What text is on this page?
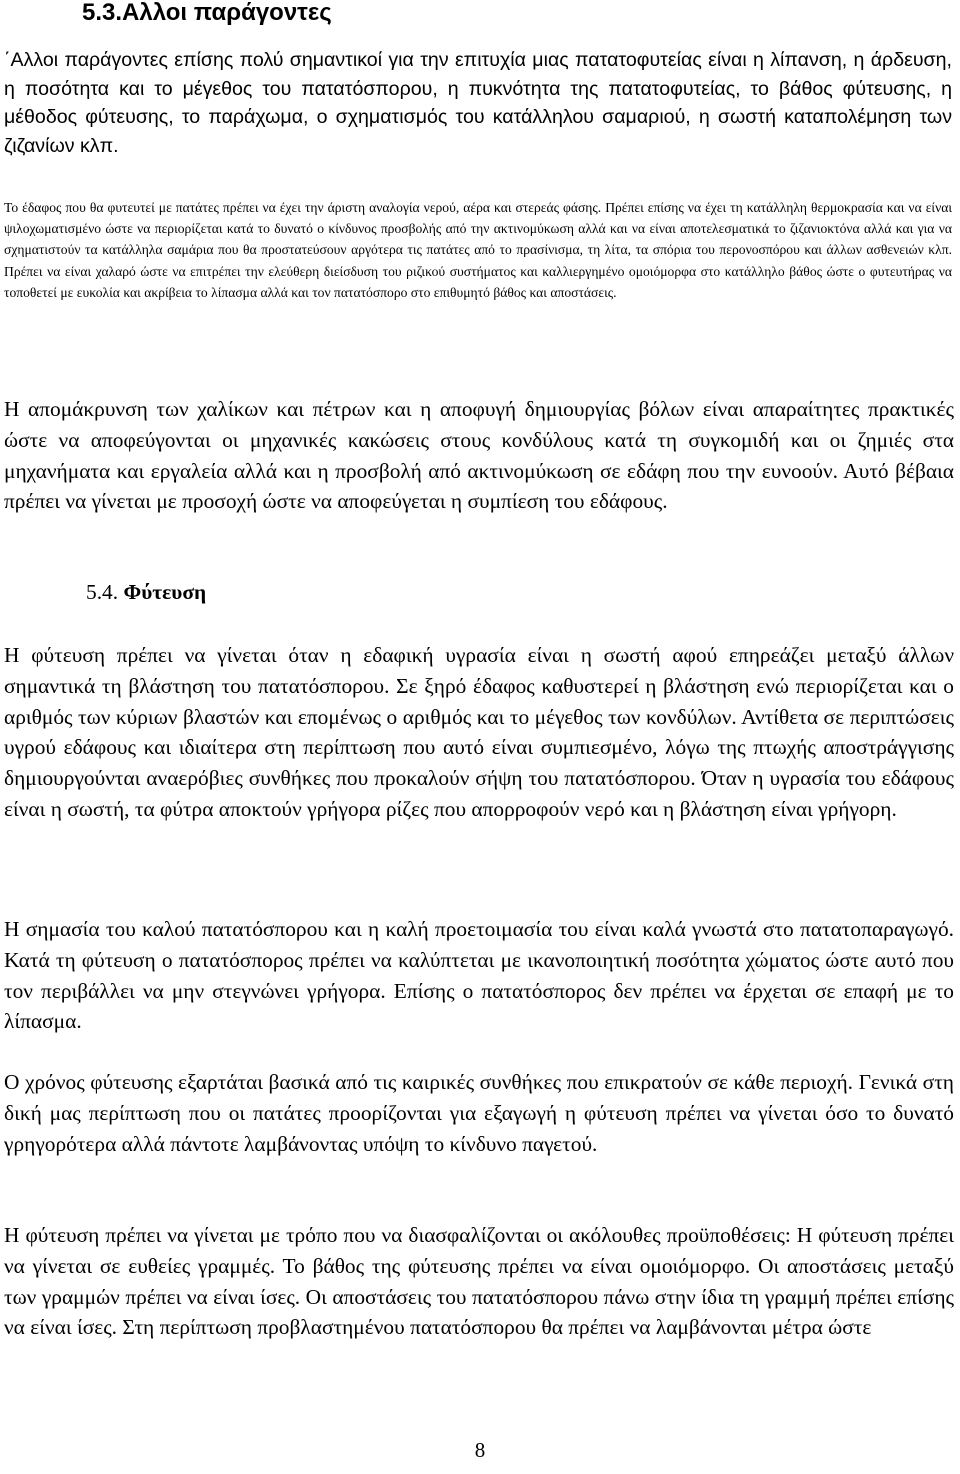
5.3.Αλλοι παράγοντες

΄Αλλοι παράγοντες επίσης πολύ σημαντικοί για την επιτυχία μιας πατατοφυτείας είναι η λίπανση, η άρδευση, η ποσότητα και το μέγεθος του πατατόσπορου, η πυκνότητα της πατατοφυτείας, το βάθος φύτευσης, η μέθοδος φύτευσης, το παράχωμα, ο σχηματισμός του κατάλληλου σαμαριού, η σωστή καταπολέμηση των ζιζανίων κλπ.

Το έδαφος που θα φυτευτεί με πατάτες πρέπει να έχει την άριστη αναλογία νερού, αέρα και στερεάς φάσης. Πρέπει επίσης να έχει τη κατάλληλη θερμοκρασία και να είναι ψιλοχωματισμένο ώστε να περιορίζεται κατά το δυνατό ο κίνδυνος προσβολής από την ακτινομύκωση αλλά και να είναι αποτελεσματικά το ζιζανιοκτόνα αλλά και για να σχηματιστούν τα κατάλληλα σαμάρια που θα προστατεύσουν αργότερα τις πατάτες από το πρασίνισμα, τη λίτα, τα σπόρια του περονοσπόρου και άλλων ασθενειών κλπ. Πρέπει να είναι χαλαρό ώστε να επιτρέπει την ελεύθερη διείσδυση του ριζικού συστήματος και καλλιεργημένο ομοιόμορφα στο κατάλληλο βάθος ώστε ο φυτευτήρας να τοποθετεί με ευκολία και ακρίβεια το λίπασμα αλλά και τον πατατόσπορο στο επιθυμητό βάθος και αποστάσεις.

Η απομάκρυνση των χαλίκων και πέτρων και η αποφυγή δημιουργίας βόλων είναι απαραίτητες πρακτικές ώστε να αποφεύγονται οι μηχανικές κακώσεις στους κονδύλους κατά τη συγκομιδή και οι ζημιές στα μηχανήματα και εργαλεία αλλά και η προσβολή από ακτινομύκωση σε εδάφη που την ευνοούν. Αυτό βέβαια πρέπει να γίνεται με προσοχή ώστε να αποφεύγεται η συμπίεση του εδάφους.

5.4. Φύτευση

Η φύτευση πρέπει να γίνεται όταν η εδαφική υγρασία είναι η σωστή αφού επηρεάζει μεταξύ άλλων σημαντικά τη βλάστηση του πατατόσπορου. Σε ξηρό έδαφος καθυστερεί η βλάστηση ενώ περιορίζεται και ο αριθμός των κύριων βλαστών και επομένως ο αριθμός και το μέγεθος των κονδύλων. Αντίθετα σε περιπτώσεις υγρού εδάφους και ιδιαίτερα στη περίπτωση που αυτό είναι συμπιεσμένο, λόγω της πτωχής αποστράγγισης δημιουργούνται αναερόβιες συνθήκες που προκαλούν σήψη του πατατόσπορου. Όταν η υγρασία του εδάφους είναι η σωστή, τα φύτρα αποκτούν γρήγορα ρίζες που απορροφούν νερό και η βλάστηση είναι γρήγορη.

Η σημασία του καλού πατατόσπορου και η καλή προετοιμασία του είναι καλά γνωστά στο πατατοπαραγωγό. Κατά τη φύτευση ο πατατόσπορος πρέπει να καλύπτεται με ικανοποιητική ποσότητα χώματος ώστε αυτό που τον περιβάλλει να μην στεγνώνει γρήγορα. Επίσης ο πατατόσπορος δεν πρέπει να έρχεται σε επαφή με το λίπασμα.

Ο χρόνος φύτευσης εξαρτάται βασικά από τις καιρικές συνθήκες που επικρατούν σε κάθε περιοχή. Γενικά στη δική μας περίπτωση που οι πατάτες προορίζονται για εξαγωγή η φύτευση πρέπει να γίνεται όσο το δυνατό γρηγορότερα αλλά πάντοτε λαμβάνοντας υπόψη το κίνδυνο παγετού.

Η φύτευση πρέπει να γίνεται με τρόπο που να διασφαλίζονται οι ακόλουθες προϋποθέσεις: Η φύτευση πρέπει να γίνεται σε ευθείες γραμμές. Το βάθος της φύτευσης πρέπει να είναι ομοιόμορφο. Οι αποστάσεις μεταξύ των γραμμών πρέπει να είναι ίσες. Οι αποστάσεις του πατατόσπορου πάνω στην ίδια τη γραμμή πρέπει επίσης να είναι ίσες. Στη περίπτωση προβλαστημένου πατατόσπορου θα πρέπει να λαμβάνονται μέτρα ώστε

8
